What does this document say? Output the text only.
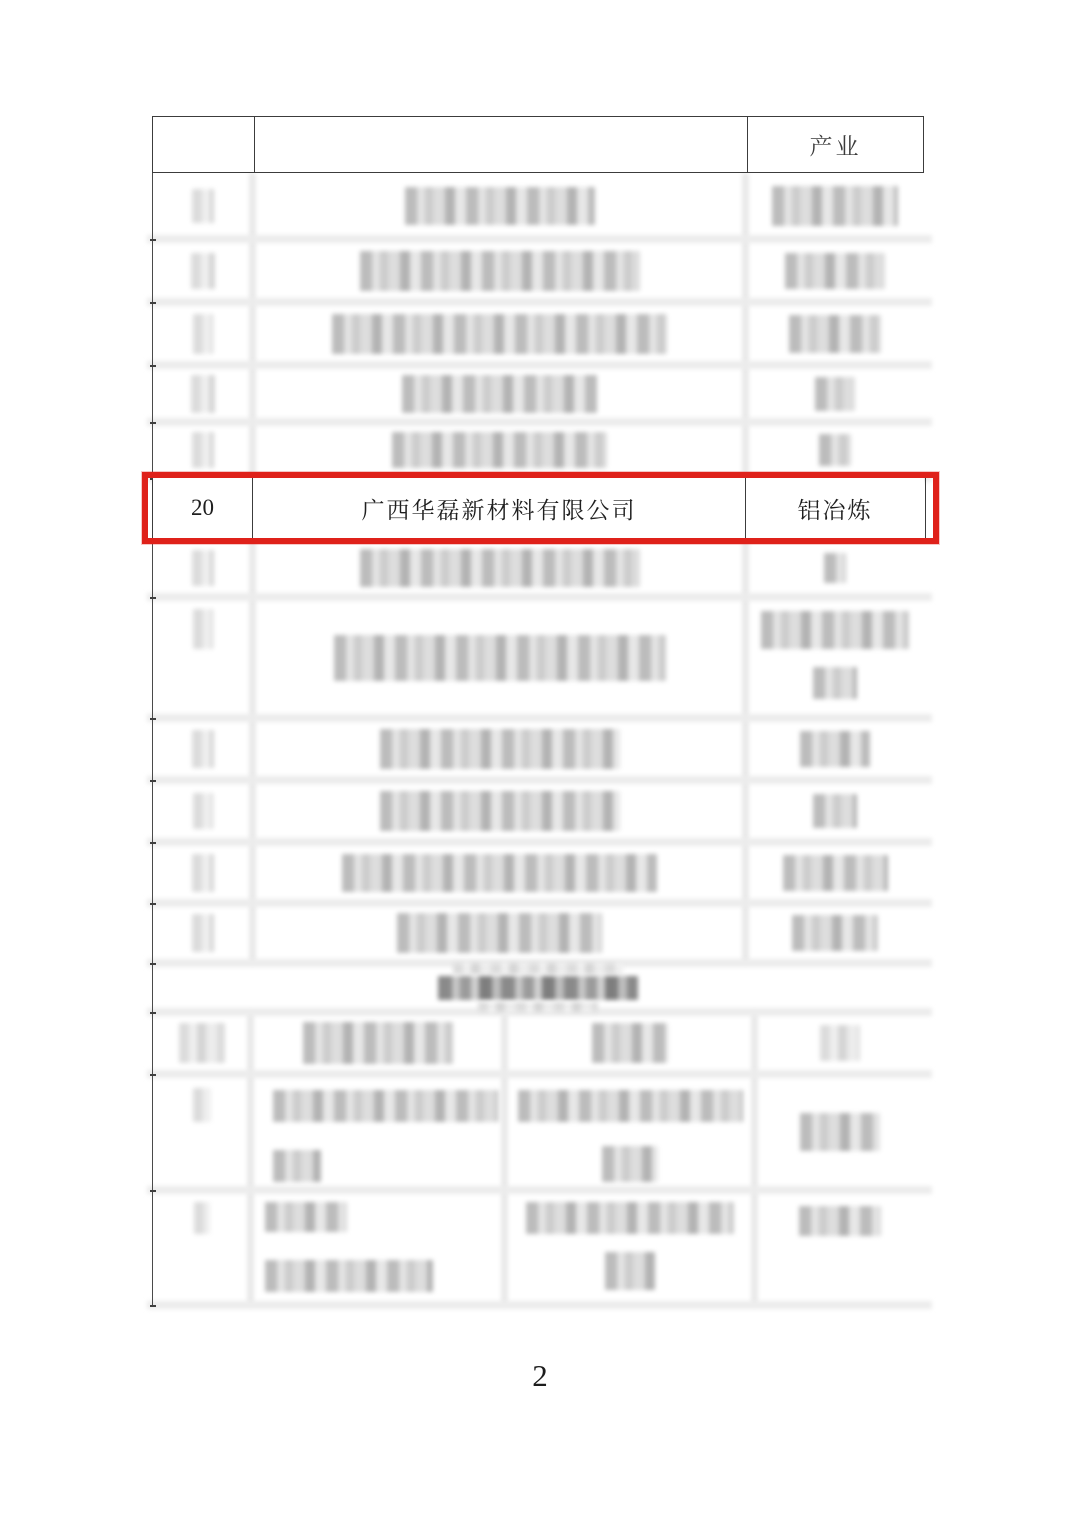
产业
20	广西华磊新材料有限公司	铝冶炼
2
